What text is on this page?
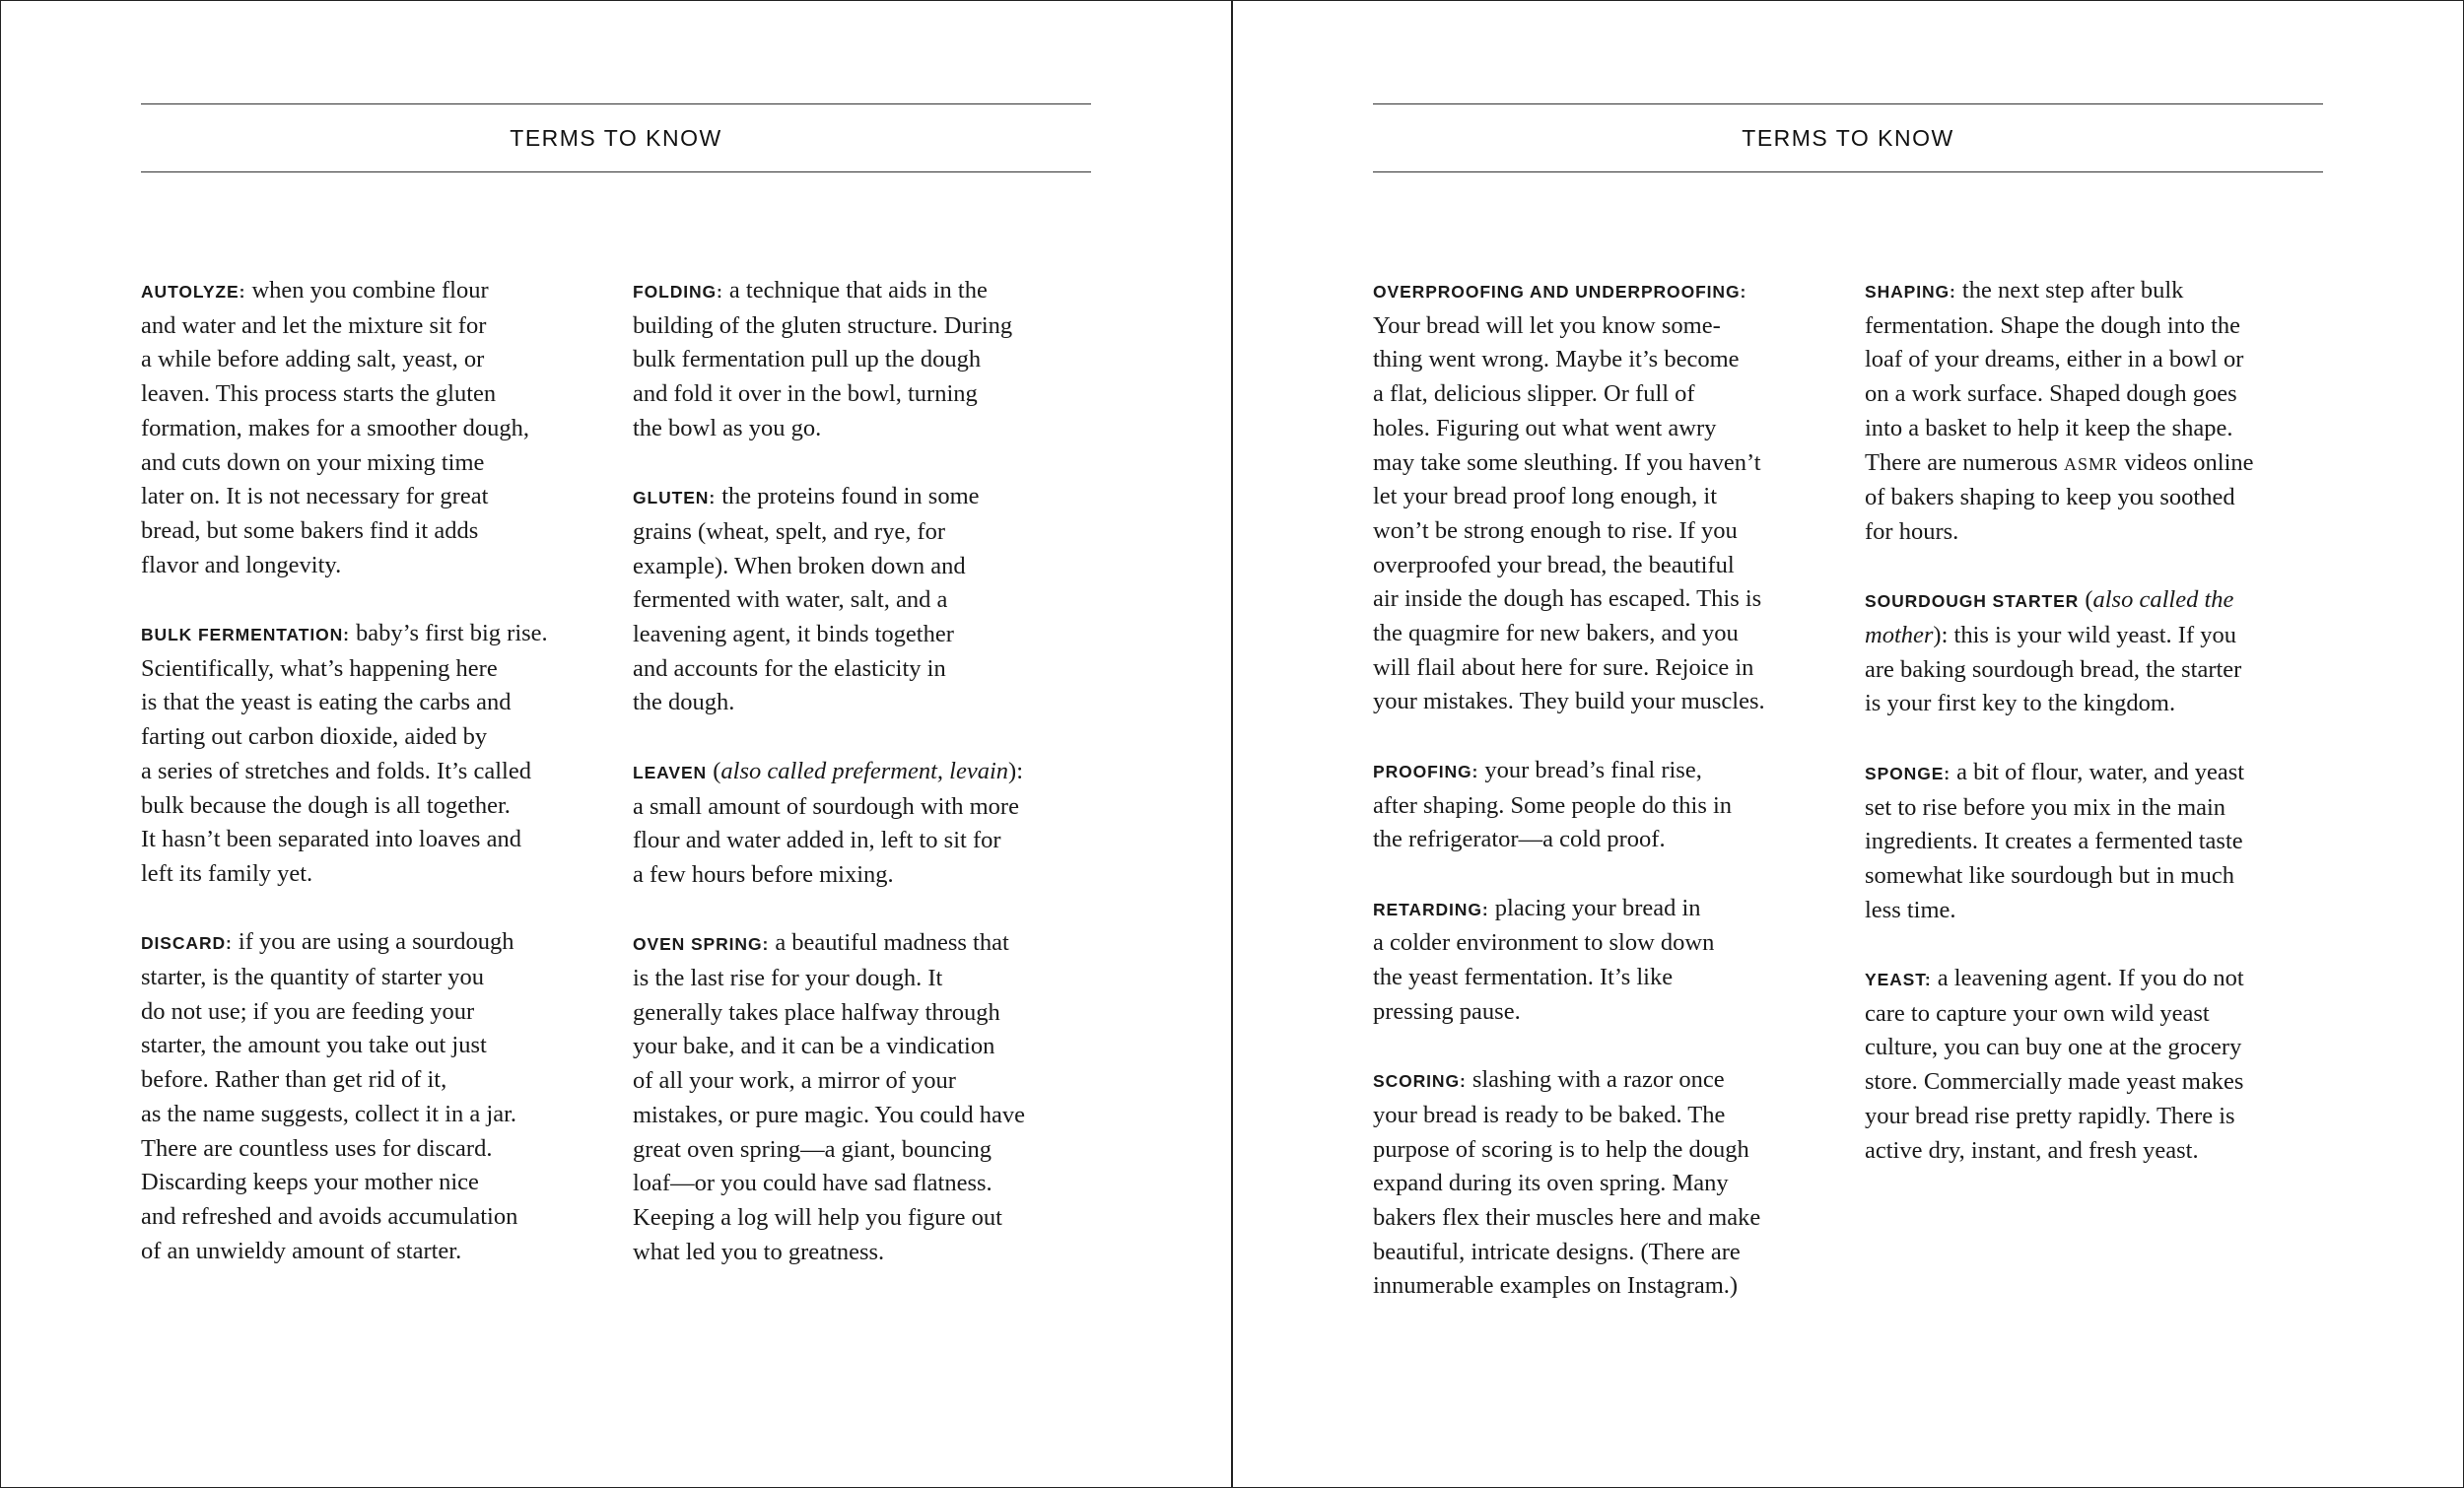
TERMS TO KNOW
AUTOLYZE: when you combine flour
and water and let the mixture sit for
a while before adding salt, yeast, or
leaven. This process starts the gluten
formation, makes for a smoother dough,
and cuts down on your mixing time
later on. It is not necessary for great
bread, but some bakers find it adds
flavor and longevity.
BULK FERMENTATION: baby’s first big rise.
Scientifically, what’s happening here
is that the yeast is eating the carbs and
farting out carbon dioxide, aided by
a series of stretches and folds. It’s called
bulk because the dough is all together.
It hasn’t been separated into loaves and
left its family yet.
DISCARD: if you are using a sourdough
starter, is the quantity of starter you
do not use; if you are feeding your
starter, the amount you take out just
before. Rather than get rid of it,
as the name suggests, collect it in a jar.
There are countless uses for discard.
Discarding keeps your mother nice
and refreshed and avoids accumulation
of an unwieldy amount of starter.
FOLDING: a technique that aids in the
building of the gluten structure. During
bulk fermentation pull up the dough
and fold it over in the bowl, turning
the bowl as you go.
GLUTEN: the proteins found in some
grains (wheat, spelt, and rye, for
example). When broken down and
fermented with water, salt, and a
leavening agent, it binds together
and accounts for the elasticity in
the dough.
LEAVEN (also called preferment, levain):
a small amount of sourdough with more
flour and water added in, left to sit for
a few hours before mixing.
OVEN SPRING: a beautiful madness that
is the last rise for your dough. It
generally takes place halfway through
your bake, and it can be a vindication
of all your work, a mirror of your
mistakes, or pure magic. You could have
great oven spring—a giant, bouncing
loaf—or you could have sad flatness.
Keeping a log will help you figure out
what led you to greatness.
TERMS TO KNOW
OVERPROOFING AND UNDERPROOFING:
Your bread will let you know some-
thing went wrong. Maybe it’s become
a flat, delicious slipper. Or full of
holes. Figuring out what went awry
may take some sleuthing. If you haven’t
let your bread proof long enough, it
won’t be strong enough to rise. If you
overproofed your bread, the beautiful
air inside the dough has escaped. This is
the quagmire for new bakers, and you
will flail about here for sure. Rejoice in
your mistakes. They build your muscles.
PROOFING: your bread’s final rise,
after shaping. Some people do this in
the refrigerator—a cold proof.
RETARDING: placing your bread in
a colder environment to slow down
the yeast fermentation. It’s like
pressing pause.
SCORING: slashing with a razor once
your bread is ready to be baked. The
purpose of scoring is to help the dough
expand during its oven spring. Many
bakers flex their muscles here and make
beautiful, intricate designs. (There are
innumerable examples on Instagram.)
SHAPING: the next step after bulk
fermentation. Shape the dough into the
loaf of your dreams, either in a bowl or
on a work surface. Shaped dough goes
into a basket to help it keep the shape.
There are numerous ASMR videos online
of bakers shaping to keep you soothed
for hours.
SOURDOUGH STARTER (also called the
mother): this is your wild yeast. If you
are baking sourdough bread, the starter
is your first key to the kingdom.
SPONGE: a bit of flour, water, and yeast
set to rise before you mix in the main
ingredients. It creates a fermented taste
somewhat like sourdough but in much
less time.
YEAST: a leavening agent. If you do not
care to capture your own wild yeast
culture, you can buy one at the grocery
store. Commercially made yeast makes
your bread rise pretty rapidly. There is
active dry, instant, and fresh yeast.
